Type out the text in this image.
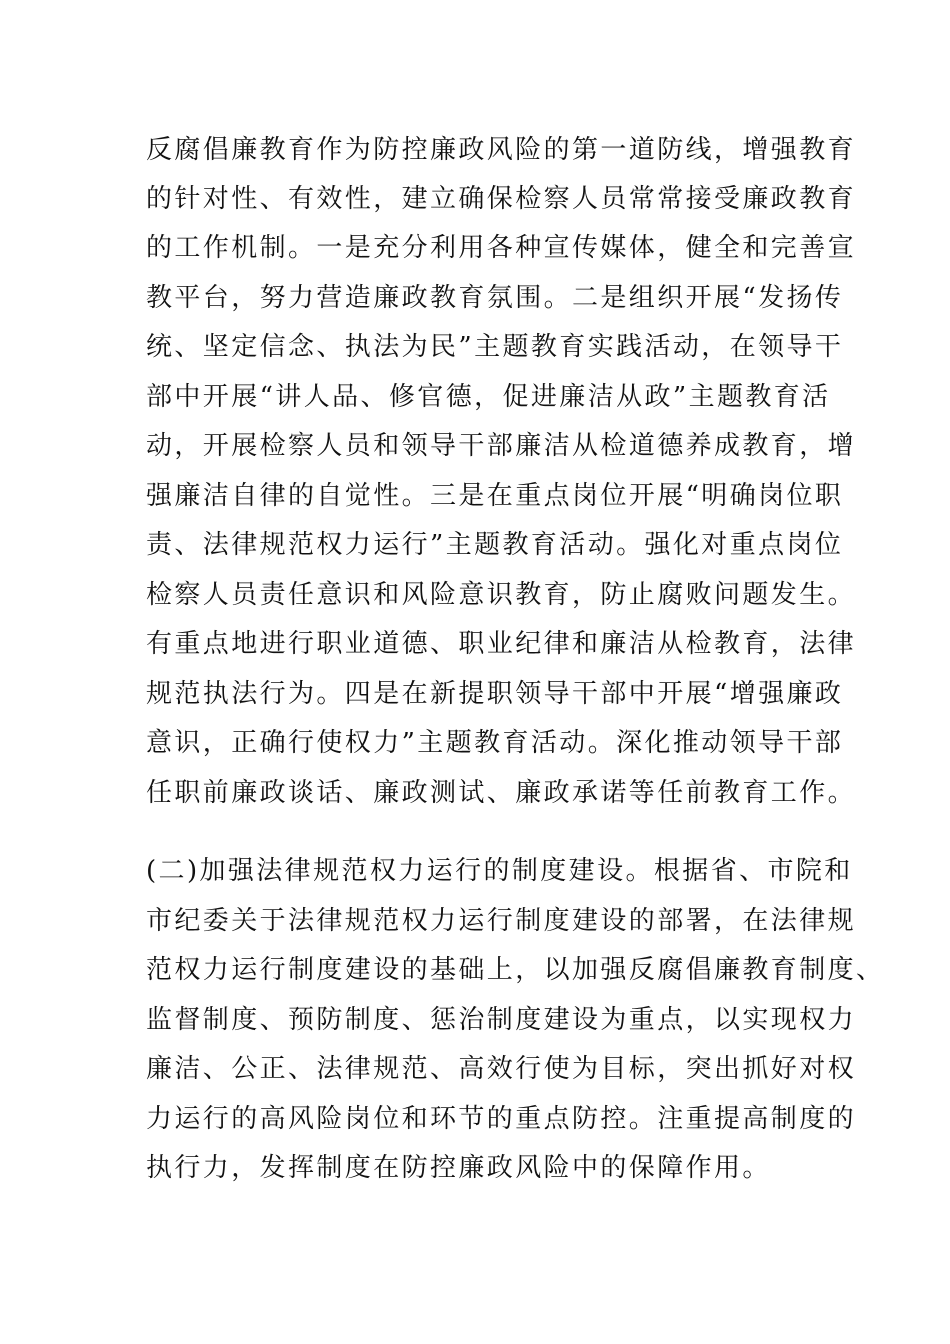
反腐倡廉教育作为防控廉政风险的第一道防线，增强教育
的针对性、有效性，建立确保检察人员常常接受廉政教育
的工作机制。一是充分利用各种宣传媒体，健全和完善宣
教平台，努力营造廉政教育氛围。二是组织开展“发扬传
统、坚定信念、执法为民”主题教育实践活动，在领导干
部中开展“讲人品、修官德，促进廉洁从政”主题教育活
动，开展检察人员和领导干部廉洁从检道德养成教育，增
强廉洁自律的自觉性。三是在重点岗位开展“明确岗位职
责、法律规范权力运行”主题教育活动。强化对重点岗位
检察人员责任意识和风险意识教育，防止腐败问题发生。
有重点地进行职业道德、职业纪律和廉洁从检教育，法律
规范执法行为。四是在新提职领导干部中开展“增强廉政
意识，正确行使权力”主题教育活动。深化推动领导干部
任职前廉政谈话、廉政测试、廉政承诺等任前教育工作。
(二)加强法律规范权力运行的制度建设。根据省、市院和
市纪委关于法律规范权力运行制度建设的部署，在法律规
范权力运行制度建设的基础上，以加强反腐倡廉教育制度、
监督制度、预防制度、惩治制度建设为重点，以实现权力
廉洁、公正、法律规范、高效行使为目标，突出抓好对权
力运行的高风险岗位和环节的重点防控。注重提高制度的
执行力，发挥制度在防控廉政风险中的保障作用。
